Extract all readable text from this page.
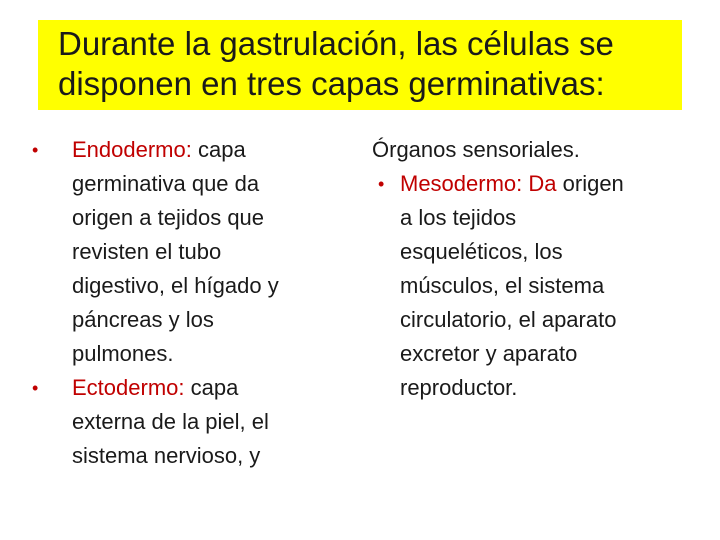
Durante la gastrulación, las células se
disponen en tres capas germinativas:
• Endodermo: capa
germinativa que da
origen a tejidos que
revisten el tubo
digestivo, el hígado y
páncreas y los
pulmones.
• Ectodermo: capa
externa de la piel, el
sistema nervioso, y
Órganos sensoriales.
• Mesodermo: Da origen
a los tejidos
esqueléticos, los
músculos, el sistema
circulatorio, el aparato
excretor y aparato
reproductor.
